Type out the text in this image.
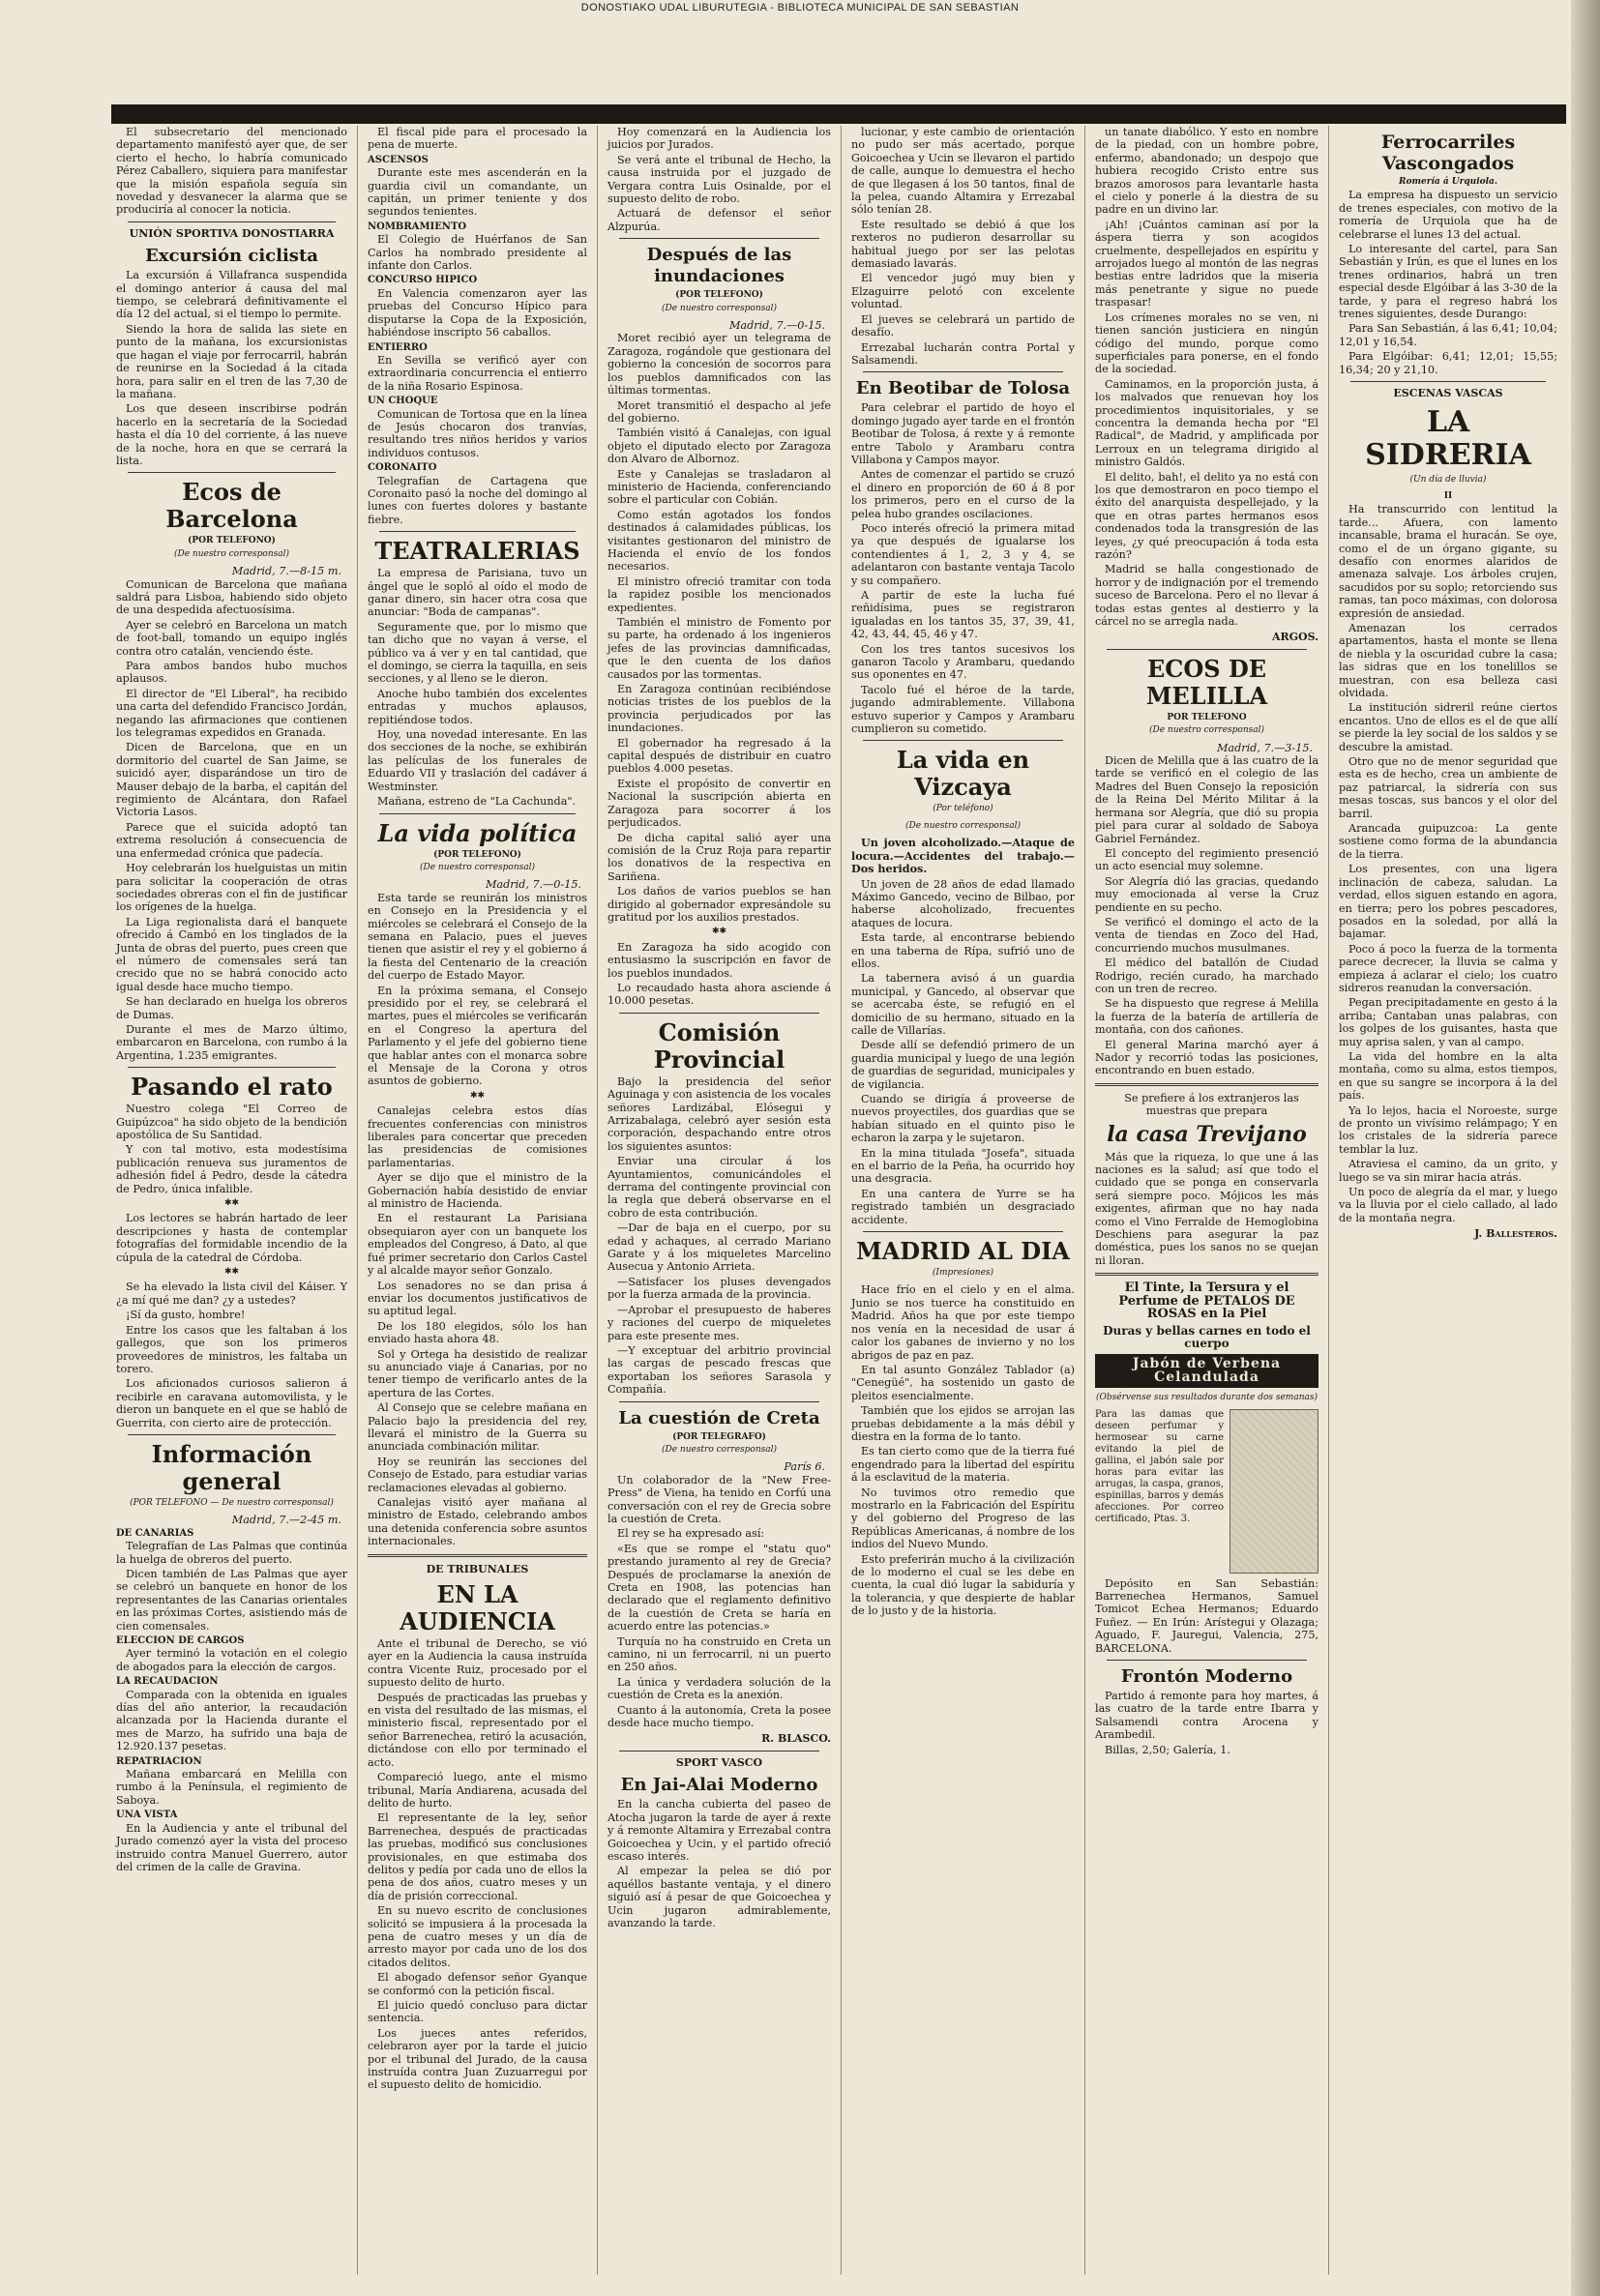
DONOSTIAKO UDAL LIBURUTEGIA - BIBLIOTECA MUNICIPAL DE SAN SEBASTIAN

El subsecretario del mencionado departamento manifestó ayer que, de ser cierto el hecho, lo habría comunicado Pérez Caballero, siquiera para manifestar que la misión española seguía sin novedad y desvanecer la alarma que se produciría al conocer la noticia.

UNIÓN SPORTIVA DONOSTIARRA
Excursión ciclista

La excursión á Villafranca suspendida el domingo anterior á causa del mal tiempo, se celebrará definitivamente el día 12 del actual, si el tiempo lo permite.

Siendo la hora de salida las siete en punto de la mañana, los excursionistas que hagan el viaje por ferrocarril, habrán de reunirse en la Sociedad á la citada hora, para salir en el tren de las 7,30 de la mañana.

Los que deseen inscribirse podrán hacerlo en la secretaría de la Sociedad hasta el día 10 del corriente, á las nueve de la noche, hora en que se cerrará la lista.

Ecos de Barcelona
(POR TELEFONO)
(De nuestro corresponsal)
Madrid, 7.—8-15 m.

Comunican de Barcelona que mañana saldrá para Lisboa, habiendo sido objeto de una despedida afectuosísima.

Ayer se celebró en Barcelona un match de foot-ball, tomando un equipo inglés contra otro catalán, venciendo éste.

Para ambos bandos hubo muchos aplausos.

El director de "El Liberal", ha recibido una carta del defendido Francisco Jordán, negando las afirmaciones que contienen los telegramas expedidos en Granada.

Dicen de Barcelona, que en un dormitorio del cuartel de San Jaime, se suicidó ayer, disparándose un tiro de Mauser debajo de la barba, el capitán del regimiento de Alcántara, don Rafael Victoria Lasos.

Parece que el suicida adoptó tan extrema resolución á consecuencia de una enfermedad crónica que padecía.

Hoy celebrarán los huelguistas un mitin para solicitar la cooperación de otras sociedades obreras con el fin de justificar los orígenes de la huelga.

La Liga regionalista dará el banquete ofrecido á Cambó en los tinglados de la Junta de obras del puerto, pues creen que el número de comensales será tan crecido que no se habrá conocido acto igual desde hace mucho tiempo.

Se han declarado en huelga los obreros de Dumas.

Durante el mes de Marzo último, embarcaron en Barcelona, con rumbo á la Argentina, 1.235 emigrantes.

Pasando el rato

Nuestro colega "El Correo de Guipúzcoa" ha sido objeto de la bendición apostólica de Su Santidad.

Y con tal motivo, esta modestísima publicación renueva sus juramentos de adhesión fidel á Pedro, desde la cátedra de Pedro, única infalible.

✱✱

Los lectores se habrán hartado de leer descripciones y hasta de contemplar fotografías del formidable incendio de la cúpula de la catedral de Córdoba.

✱✱

Se ha elevado la lista civil del Káiser. Y ¿a mí qué me dan? ¿y a ustedes?

¡Sí da gusto, hombre!

Entre los casos que les faltaban á los gallegos, que son los primeros proveedores de ministros, les faltaba un torero.

Los aficionados curiosos salieron á recibirle en caravana automovilista, y le dieron un banquete en el que se habló de Guerrita, con cierto aire de protección.

Información general
(POR TELEFONO — De nuestro corresponsal)
Madrid, 7.—2-45 m.
DE CANARIAS

Telegrafían de Las Palmas que continúa la huelga de obreros del puerto.

Dicen también de Las Palmas que ayer se celebró un banquete en honor de los representantes de las Canarias orientales en las próximas Cortes, asistiendo más de cien comensales.

ELECCION DE CARGOS

Ayer terminó la votación en el colegio de abogados para la elección de cargos.

LA RECAUDACION

Comparada con la obtenida en iguales días del año anterior, la recaudación alcanzada por la Hacienda durante el mes de Marzo, ha sufrido una baja de 12.920.137 pesetas.

REPATRIACION

Mañana embarcará en Melilla con rumbo á la Península, el regimiento de Saboya.

UNA VISTA

En la Audiencia y ante el tribunal del Jurado comenzó ayer la vista del proceso instruido contra Manuel Guerrero, autor del crimen de la calle de Gravina.

El fiscal pide para el procesado la pena de muerte.

ASCENSOS

Durante este mes ascenderán en la guardia civil un comandante, un capitán, un primer teniente y dos segundos tenientes.

NOMBRAMIENTO

El Colegio de Huérfanos de San Carlos ha nombrado presidente al infante don Carlos.

CONCURSO HIPICO

En Valencia comenzaron ayer las pruebas del Concurso Hípico para disputarse la Copa de la Exposición, habiéndose inscripto 56 caballos.

ENTIERRO

En Sevilla se verificó ayer con extraordinaria concurrencia el entierro de la niña Rosario Espinosa.

UN CHOQUE

Comunican de Tortosa que en la línea de Jesús chocaron dos tranvías, resultando tres niños heridos y varios individuos contusos.

CORONAITO

Telegrafían de Cartagena que Coronaito pasó la noche del domingo al lunes con fuertes dolores y bastante fiebre.

TEATRALERIAS

La empresa de Parisiana, tuvo un ángel que le sopló al oído el modo de ganar dinero, sin hacer otra cosa que anunciar: "Boda de campanas".

Seguramente que, por lo mismo que tan dicho que no vayan á verse, el público va á ver y en tal cantidad, que el domingo, se cierra la taquilla, en seis secciones, y al lleno se le dieron.

Anoche hubo también dos excelentes entradas y muchos aplausos, repitiéndose todos.

Hoy, una novedad interesante. En las dos secciones de la noche, se exhibirán las películas de los funerales de Eduardo VII y traslación del cadáver á Westminster.

Mañana, estreno de "La Cachunda".

La vida política
(POR TELEFONO)
(De nuestro corresponsal)
Madrid, 7.—0-15.

Esta tarde se reunirán los ministros en Consejo en la Presidencia y el miércoles se celebrará el Consejo de la semana en Palacio, pues el jueves tienen que asistir el rey y el gobierno á la fiesta del Centenario de la creación del cuerpo de Estado Mayor.

En la próxima semana, el Consejo presidido por el rey, se celebrará el martes, pues el miércoles se verificarán en el Congreso la apertura del Parlamento y el jefe del gobierno tiene que hablar antes con el monarca sobre el Mensaje de la Corona y otros asuntos de gobierno.

✱✱

Canalejas celebra estos días frecuentes conferencias con ministros liberales para concertar que preceden las presidencias de comisiones parlamentarias.

Ayer se dijo que el ministro de la Gobernación había desistido de enviar al ministro de Hacienda.

En el restaurant La Parisiana obsequiaron ayer con un banquete los empleados del Congreso, á Dato, al que fué primer secretario don Carlos Castel y al alcalde mayor señor Gonzalo.

Los senadores no se dan prisa á enviar los documentos justificativos de su aptitud legal.

De los 180 elegidos, sólo los han enviado hasta ahora 48.

Sol y Ortega ha desistido de realizar su anunciado viaje á Canarias, por no tener tiempo de verificarlo antes de la apertura de las Cortes.

Al Consejo que se celebre mañana en Palacio bajo la presidencia del rey, llevará el ministro de la Guerra su anunciada combinación militar.

Hoy se reunirán las secciones del Consejo de Estado, para estudiar varias reclamaciones elevadas al gobierno.

Canalejas visitó ayer mañana al ministro de Estado, celebrando ambos una detenida conferencia sobre asuntos internacionales.

DE TRIBUNALES
EN LA AUDIENCIA

Ante el tribunal de Derecho, se vió ayer en la Audiencia la causa instruída contra Vicente Ruiz, procesado por el supuesto delito de hurto.

Después de practicadas las pruebas y en vista del resultado de las mismas, el ministerio fiscal, representado por el señor Barrenechea, retiró la acusación, dictándose con ello por terminado el acto.

Compareció luego, ante el mismo tribunal, María Andiarena, acusada del delito de hurto.

El representante de la ley, señor Barrenechea, después de practicadas las pruebas, modificó sus conclusiones provisionales, en que estimaba dos delitos y pedía por cada uno de ellos la pena de dos años, cuatro meses y un día de prisión correccional.

En su nuevo escrito de conclusiones solicitó se impusiera á la procesada la pena de cuatro meses y un día de arresto mayor por cada uno de los dos citados delitos.

El abogado defensor señor Gyanque se conformó con la petición fiscal.

El juicio quedó concluso para dictar sentencia.

Los jueces antes referidos, celebraron ayer por la tarde el juicio por el tribunal del Jurado, de la causa instruída contra Juan Zuzuarregui por el supuesto delito de homicidio.

Hoy comenzará en la Audiencia los juicios por Jurados.

Se verá ante el tribunal de Hecho, la causa instruida por el juzgado de Vergara contra Luis Osinalde, por el supuesto delito de robo.

Actuará de defensor el señor Alzpurúa.

Después de las inundaciones
(POR TELEFONO)
(De nuestro corresponsal)
Madrid, 7.—0-15.

Moret recibió ayer un telegrama de Zaragoza, rogándole que gestionara del gobierno la concesión de socorros para los pueblos damnificados con las últimas tormentas.

Moret transmitió el despacho al jefe del gobierno.

También visitó á Canalejas, con igual objeto el diputado electo por Zaragoza don Alvaro de Albornoz.

Este y Canalejas se trasladaron al ministerio de Hacienda, conferenciando sobre el particular con Cobián.

Como están agotados los fondos destinados á calamidades públicas, los visitantes gestionaron del ministro de Hacienda el envío de los fondos necesarios.

El ministro ofreció tramitar con toda la rapidez posible los mencionados expedientes.

También el ministro de Fomento por su parte, ha ordenado á los ingenieros jefes de las provincias damnificadas, que le den cuenta de los daños causados por las tormentas.

En Zaragoza continúan recibiéndose noticias tristes de los pueblos de la provincia perjudicados por las inundaciones.

El gobernador ha regresado á la capital después de distribuir en cuatro pueblos 4.000 pesetas.

Existe el propósito de convertir en Nacional la suscripción abierta en Zaragoza para socorrer á los perjudicados.

De dicha capital salió ayer una comisión de la Cruz Roja para repartir los donativos de la respectiva en Sariñena.

Los daños de varios pueblos se han dirigido al gobernador expresándole su gratitud por los auxilios prestados.

✱✱

En Zaragoza ha sido acogido con entusiasmo la suscripción en favor de los pueblos inundados.

Lo recaudado hasta ahora asciende á 10.000 pesetas.

Comisión Provincial

Bajo la presidencia del señor Aguinaga y con asistencia de los vocales señores Lardizábal, Elósegui y Arrizabalaga, celebró ayer sesión esta corporación, despachando entre otros los siguientes asuntos:

Enviar una circular á los Ayuntamientos, comunicándoles el derrama del contingente provincial con la regla que deberá observarse en el cobro de esta contribución.

—Dar de baja en el cuerpo, por su edad y achaques, al cerrado Mariano Garate y á los miqueletes Marcelino Ausecua y Antonio Arrieta.

—Satisfacer los pluses devengados por la fuerza armada de la provincia.

—Aprobar el presupuesto de haberes y raciones del cuerpo de miqueletes para este presente mes.

—Y exceptuar del arbitrio provincial las cargas de pescado frescas que exportaban los señores Sarasola y Compañía.

La cuestión de Creta
(POR TELEGRAFO)
(De nuestro corresponsal)
París 6.

Un colaborador de la "New Free-Press" de Viena, ha tenido en Corfú una conversación con el rey de Grecia sobre la cuestión de Creta.

El rey se ha expresado así:

«Es que se rompe el "statu quo" prestando juramento al rey de Grecia? Después de proclamarse la anexión de Creta en 1908, las potencias han declarado que el reglamento definitivo de la cuestión de Creta se haría en acuerdo entre las potencias.»

Turquía no ha construido en Creta un camino, ni un ferrocarril, ni un puerto en 250 años.

La única y verdadera solución de la cuestión de Creta es la anexión.

Cuanto á la autonomía, Creta la posee desde hace mucho tiempo.

R. BLASCO.
SPORT VASCO
En Jai-Alai Moderno

En la cancha cubierta del paseo de Atocha jugaron la tarde de ayer á rexte y á remonte Altamira y Errezabal contra Goicoechea y Ucin, y el partido ofreció escaso interés.

Al empezar la pelea se dió por aquéllos bastante ventaja, y el dinero siguió así á pesar de que Goicoechea y Ucin jugaron admirablemente, avanzando la tarde.

lucionar, y este cambio de orientación no pudo ser más acertado, porque Goicoechea y Ucin se llevaron el partido de calle, aunque lo demuestra el hecho de que llegasen á los 50 tantos, final de la pelea, cuando Altamira y Errezabal sólo tenían 28.

Este resultado se debió á que los rexteros no pudieron desarrollar su habitual juego por ser las pelotas demasiado lavarás.

El vencedor jugó muy bien y Elzaguirre pelotó con excelente voluntad.

El jueves se celebrará un partido de desafío.

Errezabal lucharán contra Portal y Salsamendi.

En Beotibar de Tolosa

Para celebrar el partido de hoyo el domingo jugado ayer tarde en el frontón Beotibar de Tolosa, á rexte y á remonte entre Tabolo y Arambaru contra Villabona y Campos mayor.

Antes de comenzar el partido se cruzó el dinero en proporción de 60 á 8 por los primeros, pero en el curso de la pelea hubo grandes oscilaciones.

Poco interés ofreció la primera mitad ya que después de igualarse los contendientes á 1, 2, 3 y 4, se adelantaron con bastante ventaja Tacolo y su compañero.

A partir de este la lucha fué reñidísima, pues se registraron igualadas en los tantos 35, 37, 39, 41, 42, 43, 44, 45, 46 y 47.

Con los tres tantos sucesivos los ganaron Tacolo y Arambaru, quedando sus oponentes en 47.

Tacolo fué el héroe de la tarde, jugando admirablemente. Villabona estuvo superior y Campos y Arambaru cumplieron su cometido.

La vida en Vizcaya
(Por teléfono)
(De nuestro corresponsal)

Un joven alcoholizado.—Ataque de locura.—Accidentes del trabajo.—Dos heridos.

Un joven de 28 años de edad llamado Máximo Gancedo, vecino de Bilbao, por haberse alcoholizado, frecuentes ataques de locura.

Esta tarde, al encontrarse bebiendo en una taberna de Rípa, sufrió uno de ellos.

La tabernera avisó á un guardia municipal, y Gancedo, al observar que se acercaba éste, se refugió en el domicilio de su hermano, situado en la calle de Villarías.

Desde allí se defendió primero de un guardia municipal y luego de una legión de guardias de seguridad, municipales y de vigilancia.

Cuando se dirigía á proveerse de nuevos proyectiles, dos guardias que se habían situado en el quinto piso le echaron la zarpa y le sujetaron.

En la mina titulada "Josefa", situada en el barrio de la Peña, ha ocurrido hoy una desgracia.

En una cantera de Yurre se ha registrado también un desgraciado accidente.

MADRID AL DIA
(Impresiones)

Hace frío en el cielo y en el alma. Junio se nos tuerce ha constituido en Madrid. Años ha que por este tiempo nos venía en la necesidad de usar á calor los gabanes de invierno y no los abrigos de paz en paz.

En tal asunto González Tablador (a) "Cenegüé", ha sostenido un gasto de pleitos esencialmente.

También que los ejidos se arrojan las pruebas debidamente a la más débil y diestra en la forma de lo tanto.

Es tan cierto como que de la tierra fué engendrado para la libertad del espíritu á la esclavitud de la materia.

No tuvimos otro remedio que mostrarlo en la Fabricación del Espíritu y del gobierno del Progreso de las Repúblicas Americanas, á nombre de los indios del Nuevo Mundo.

Esto preferirán mucho á la civilización de lo moderno el cual se les debe en cuenta, la cual dió lugar la sabiduría y la tolerancia, y que despierte de hablar de lo justo y de la historia.

un tanate diabólico. Y esto en nombre de la piedad, con un hombre pobre, enfermo, abandonado; un despojo que hubiera recogido Cristo entre sus brazos amorosos para levantarle hasta el cielo y ponerle á la diestra de su padre en un divino lar.

¡Ah! ¡Cuántos caminan así por la áspera tierra y son acogidos cruelmente, despellejados en espíritu y arrojados luego al montón de las negras bestias entre ladridos que la miseria más penetrante y sigue no puede traspasar!

Los crímenes morales no se ven, ni tienen sanción justiciera en ningún código del mundo, porque como superficiales para ponerse, en el fondo de la sociedad.

Caminamos, en la proporción justa, á los malvados que renuevan hoy los procedimientos inquisitoriales, y se concentra la demanda hecha por "El Radical", de Madrid, y amplificada por Lerroux en un telegrama dirigido al ministro Galdós.

El delito, bah!, el delito ya no está con los que demostraron en poco tiempo el éxito del anarquista despellejado, y la que en otras partes hermanos esos condenados toda la transgresión de las leyes, ¿y qué preocupación á toda esta razón?

Madrid se halla congestionado de horror y de indignación por el tremendo suceso de Barcelona. Pero el no llevar á todas estas gentes al destierro y la cárcel no se arregla nada.

ARGOS.
ECOS DE MELILLA
POR TELEFONO
(De nuestro corresponsal)
Madrid, 7.—3-15.

Dicen de Melilla que á las cuatro de la tarde se verificó en el colegio de las Madres del Buen Consejo la reposición de la Reina Del Mérito Militar á la hermana sor Alegría, que dió su propia piel para curar al soldado de Saboya Gabriel Fernández.

El concepto del regimiento presenció un acto esencial muy solemne.

Sor Alegría dió las gracias, quedando muy emocionada al verse la Cruz pendiente en su pecho.

Se verificó el domingo el acto de la venta de tiendas en Zoco del Had, concurriendo muchos musulmanes.

El médico del batallón de Ciudad Rodrigo, recién curado, ha marchado con un tren de recreo.

Se ha dispuesto que regrese á Melilla la fuerza de la batería de artillería de montaña, con dos cañones.

El general Marina marchó ayer á Nador y recorrió todas las posiciones, encontrando en buen estado.

Se prefiere á los extranjeros las muestras que prepara

la casa Trevijano

Más que la riqueza, lo que une á las naciones es la salud; así que todo el cuidado que se ponga en conservarla será siempre poco. Mójicos les más exigentes, afirman que no hay nada como el Vino Ferralde de Hemoglobina Deschiens para asegurar la paz doméstica, pues los sanos no se quejan ni lloran.

El Tinte, la Tersura y el Perfume de PETALOS DE ROSAS en la Piel
Duras y bellas carnes en todo el cuerpo
Jabón de Verbena Celandulada
(Obsérvense sus resultados durante dos semanas)
Para las damas que deseen perfumar y hermosear su carne evitando la piel de gallina, el jabón sale por horas para evitar las arrugas, la caspa, granos, espinillas, barros y demás afecciones. Por correo certificado, Ptas. 3.

Depósito en San Sebastián: Barrenechea Hermanos, Samuel Tomicot Echea Hermanos; Eduardo Fuñez. — En Irún: Arístegui y Olazaga; Aguado, F. Jauregui, Valencia, 275, BARCELONA.

Frontón Moderno

Partido á remonte para hoy martes, á las cuatro de la tarde entre Ibarra y Salsamendi contra Arocena y Arambedil.

Billas, 2,50; Galería, 1.

Ferrocarriles Vascongados
Romería á Urquiola.

La empresa ha dispuesto un servicio de trenes especiales, con motivo de la romería de Urquiola que ha de celebrarse el lunes 13 del actual.

Lo interesante del cartel, para San Sebastián y Irún, es que el lunes en los trenes ordinarios, habrá un tren especial desde Elgóibar á las 3-30 de la tarde, y para el regreso habrá los trenes siguientes, desde Durango:

Para San Sebastián, á las 6,41; 10,04; 12,01 y 16,54.

Para Elgóibar: 6,41; 12,01; 15,55; 16,34; 20 y 21,10.

ESCENAS VASCAS
LA SIDRERIA
(Un día de lluvia)
II

Ha transcurrido con lentitud la tarde... Afuera, con lamento incansable, brama el huracán. Se oye, como el de un órgano gigante, su desafío con enormes alaridos de amenaza salvaje. Los árboles crujen, sacudidos por su soplo; retorciendo sus ramas, tan poco máximas, con dolorosa expresión de ansiedad.

Amenazan los cerrados apartamentos, hasta el monte se llena de niebla y la oscuridad cubre la casa; las sidras que en los tonelillos se muestran, con esa belleza casi olvidada.

La institución sidreril reúne ciertos encantos. Uno de ellos es el de que allí se pierde la ley social de los saldos y se descubre la amistad.

Otro que no de menor seguridad que esta es de hecho, crea un ambiente de paz patriarcal, la sidrería con sus mesas toscas, sus bancos y el olor del barril.

Arancada guipuzcoa: La gente sostiene como forma de la abundancia de la tierra.

Los presentes, con una ligera inclinación de cabeza, saludan. La verdad, ellos siguen estando en agora, en tierra; pero los pobres pescadores, posados en la soledad, por allá la bajamar.

Poco á poco la fuerza de la tormenta parece decrecer, la lluvia se calma y empieza á aclarar el cielo; los cuatro sidreros reanudan la conversación.

Pegan precipitadamente en gesto á la arriba; Cantaban unas palabras, con los golpes de los guisantes, hasta que muy aprisa salen, y van al campo.

La vida del hombre en la alta montaña, como su alma, estos tiempos, en que su sangre se incorpora á la del país.

Ya lo lejos, hacia el Noroeste, surge de pronto un vivísimo relámpago; Y en los cristales de la sidrería parece temblar la luz.

Atraviesa el camino, da un grito, y luego se va sin mirar hacia atrás.

Un poco de alegría da el mar, y luego va la lluvia por el cielo callado, al lado de la montaña negra.

J. Ballesteros.
